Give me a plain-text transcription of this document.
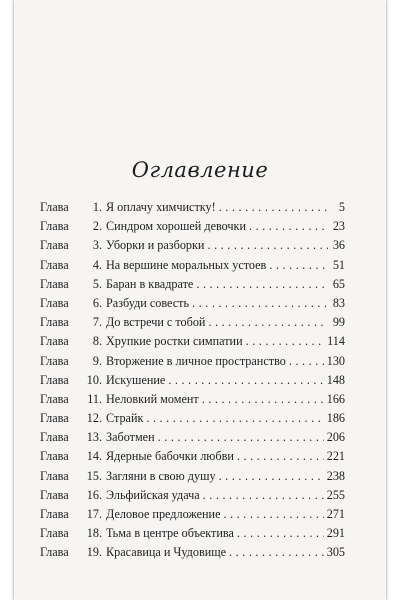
Оглавление
Глава	1. Я оплачу химчистку! . . .	5
Глава	2. Синдром хорошей девочки . . .	23
Глава	3. Уборки и разборки . . .	36
Глава	4. На вершине моральных устоев . . .	51
Глава	5. Баран в квадрате . . .	65
Глава	6. Разбуди совесть . . .	83
Глава	7. До встречи с тобой . . .	99
Глава	8. Хрупкие ростки симпатии . . .	114
Глава	9. Вторжение в личное пространство . . .	130
Глава	10. Искушение . . .	148
Глава	11. Неловкий момент . . .	166
Глава	12. Страйк . . .	186
Глава	13. Заботмен . . .	206
Глава	14. Ядерные бабочки любви . . .	221
Глава	15. Загляни в свою душу . . .	238
Глава	16. Эльфийская удача . . .	255
Глава	17. Деловое предложение . . .	271
Глава	18. Тьма в центре объектива . . .	291
Глава	19. Красавица и Чудовище . . .	305
